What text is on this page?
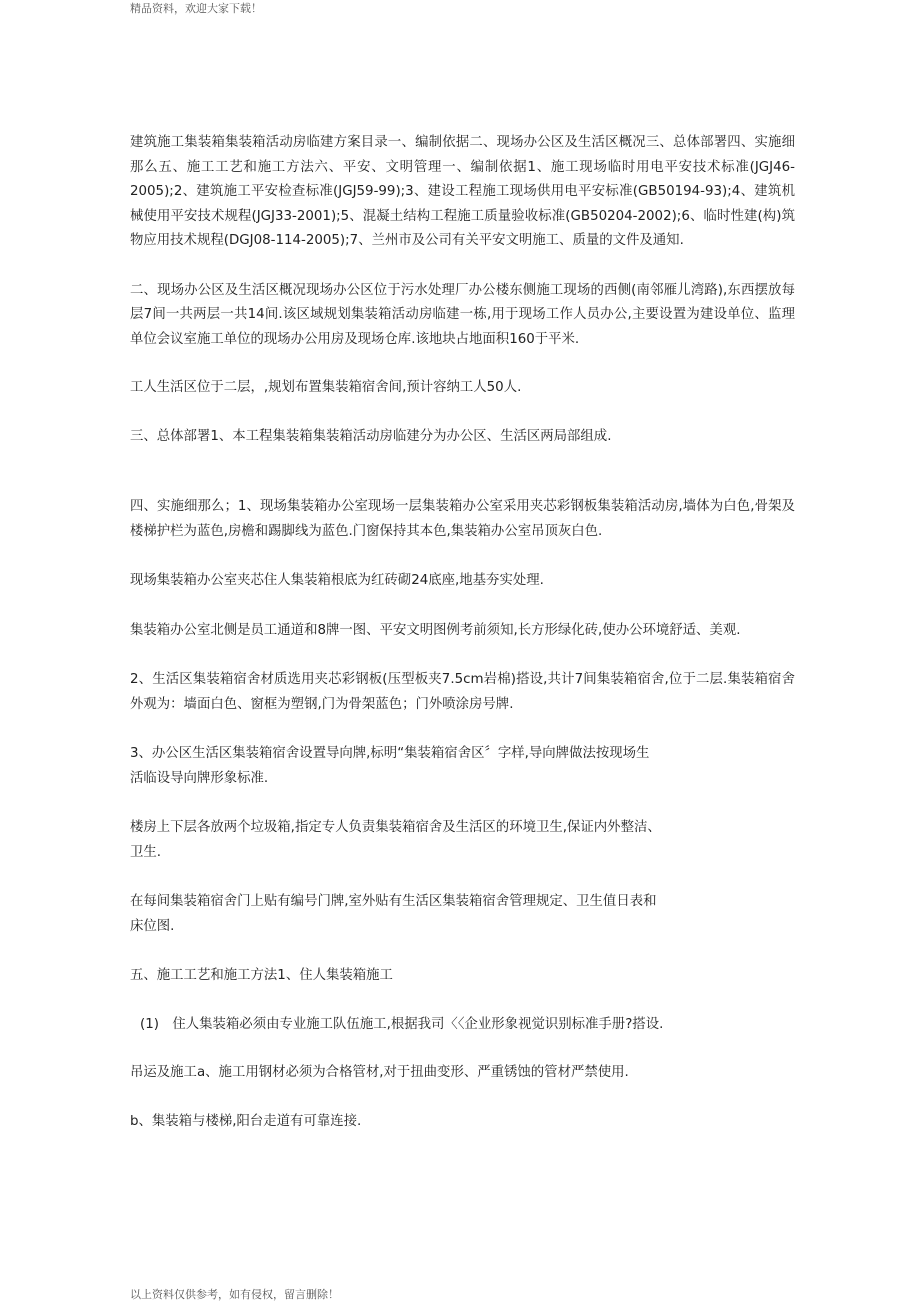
精品资料，欢迎大家下载！

建筑施工集装箱集装箱活动房临建方案目录一、编制依据二、现场办公区及生活区概况三、总体部署四、实施细那么五、施工工艺和施工方法六、平安、文明管理一、编制依据1、施工现场临时用电平安技术标准(JGJ46-2005);2、建筑施工平安检查标准(JGJ59-99);3、建设工程施工现场供用电平安标准(GB50194-93);4、建筑机械使用平安技术规程(JGJ33-2001);5、混凝土结构工程施工质量验收标准(GB50204-2002);6、临时性建(构)筑物应用技术规程(DGJ08-114-2005);7、兰州市及公司有关平安文明施工、质量的文件及通知.

二、现场办公区及生活区概况现场办公区位于污水处理厂办公楼东侧施工现场的西侧(南邻雁儿湾路),东西摆放每层7间一共两层一共14间.该区域规划集装箱活动房临建一栋,用于现场工作人员办公,主要设置为建设单位、监理单位会议室施工单位的现场办公用房及现场仓库.该地块占地面积160于平米.

工人生活区位于二层，,规划布置集装箱宿舍间,预计容纳工人50人.

三、总体部署1、本工程集装箱集装箱活动房临建分为办公区、生活区两局部组成.

四、实施细那么；1、现场集装箱办公室现场一层集装箱办公室采用夹芯彩钢板集装箱活动房,墙体为白色,骨架及楼梯护栏为蓝色,房檐和踢脚线为蓝色.门窗保持其本色,集装箱办公室吊顶灰白色.

现场集装箱办公室夹芯住人集装箱根底为红砖砌24底座,地基夯实处理.

集装箱办公室北侧是员工通道和8牌一图、平安文明图例考前须知,长方形绿化砖,使办公环境舒适、美观.

2、生活区集装箱宿舍材质选用夹芯彩钢板(压型板夹7.5cm岩棉)搭设,共计7间集装箱宿舍,位于二层.集装箱宿舍外观为：墙面白色、窗框为塑钢,门为骨架蓝色；门外喷涂房号牌.

3、办公区生活区集装箱宿舍设置导向牌,标明“集装箱宿舍区〞字样,导向牌做法按现场生
活临设导向牌形象标准.

楼房上下层各放两个垃圾箱,指定专人负责集装箱宿舍及生活区的环境卫生,保证内外整洁、
卫生.

在每间集装箱宿舍门上贴有编号门牌,室外贴有生活区集装箱宿舍管理规定、卫生值日表和
床位图.

五、施工工艺和施工方法1、住人集装箱施工

(1)　住人集装箱必须由专业施工队伍施工,根据我司〈〈企业形象视觉识别标准手册?搭设.

吊运及施工a、施工用钢材必须为合格管材,对于扭曲变形、严重锈蚀的管材严禁使用.

b、集装箱与楼梯,阳台走道有可靠连接.

以上资料仅供参考，如有侵权，留言删除！
